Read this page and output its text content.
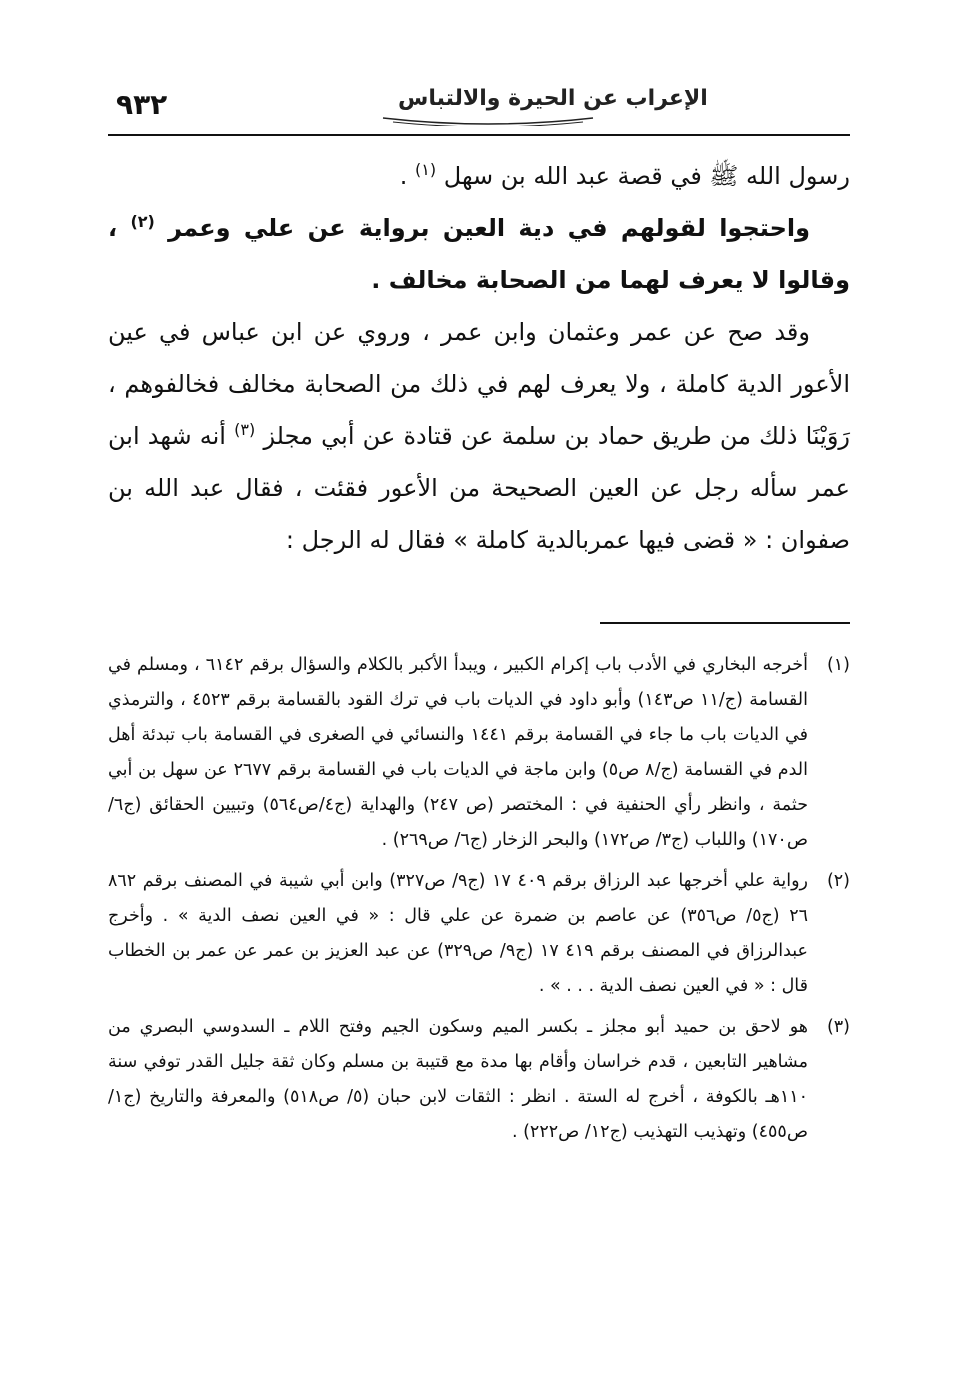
الإعراب عن الحيرة والالتباس
٩٣٢

رسول الله ﷺ في قصة عبد الله بن سهل $^{(١)}$ .

واحتجوا لقولهم في دية العين برواية عن علي وعمر $^{(٢)}$ ، وقالوا لا يعرف لهما من الصحابة مخالف .

وقد صح عن عمر وعثمان وابن عمر ، وروي عن ابن عباس في عين الأعور الدية كاملة ، ولا يعرف لهم في ذلك من الصحابة مخالف فخالفوهم ، رَوَيْنَا ذلك من طريق حماد بن سلمة عن قتادة عن أبي مجلز $^{(٣)}$ أنه شهد ابن عمر سأله رجل عن العين الصحيحة من الأعور فقئت ، فقال عبد الله بن صفوان : « قضى فيها عمربالدية كاملة » فقال له الرجل :

(١)
أخرجه البخاري في الأدب باب إكرام الكبير ، ويبدأ الأكبر بالكلام والسؤال برقم ٦١٤٢ ، ومسلم في القسامة (ج/١١ ص١٤٣) وأبو داود في الديات باب في ترك القود بالقسامة برقم ٤٥٢٣ ، والترمذي في الديات باب ما جاء في القسامة برقم ١٤٤١ والنسائي في الصغرى في القسامة باب تبدئة أهل الدم في القسامة (ج/٨ ص٥) وابن ماجة في الديات باب في القسامة برقم ٢٦٧٧ عن سهل بن أبي حثمة ، وانظر رأي الحنفية في : المختصر (ص ٢٤٧) والهداية (ج٤/ص٥٦٤) وتبيين الحقائق (ج٦/ ص١٧٠) واللباب (ج٣/ ص١٧٢) والبحر الزخار (ج٦/ ص٢٦٩) .

(٢)
رواية علي أخرجها عبد الرزاق برقم ٤٠٩ ١٧ (ج٩/ ص٣٢٧) وابن أبي شيبة في المصنف برقم ٨٦٢ ٢٦ (ج٥/ ص٣٥٦) عن عاصم بن ضمرة عن علي قال : « في العين نصف الدية » . وأخرج عبدالرزاق في المصنف برقم ٤١٩ ١٧ (ج٩/ ص٣٢٩) عن عبد العزيز بن عمر عن عمر بن الخطاب قال : « في العين نصف الدية . . . » .

(٣)
هو لاحق بن حميد أبو مجلز ـ بكسر الميم وسكون الجيم وفتح اللام ـ السدوسي البصري من مشاهير التابعين ، قدم خراسان وأقام بها مدة مع قتيبة بن مسلم وكان ثقة جليل القدر توفي سنة ١١٠هـ بالكوفة ، أخرج له الستة . انظر : الثقات لابن حبان (٥/ ص٥١٨) والمعرفة والتاريخ (ج١/ ص٤٥٥) وتهذيب التهذيب (ج١٢/ ص٢٢٢) .
